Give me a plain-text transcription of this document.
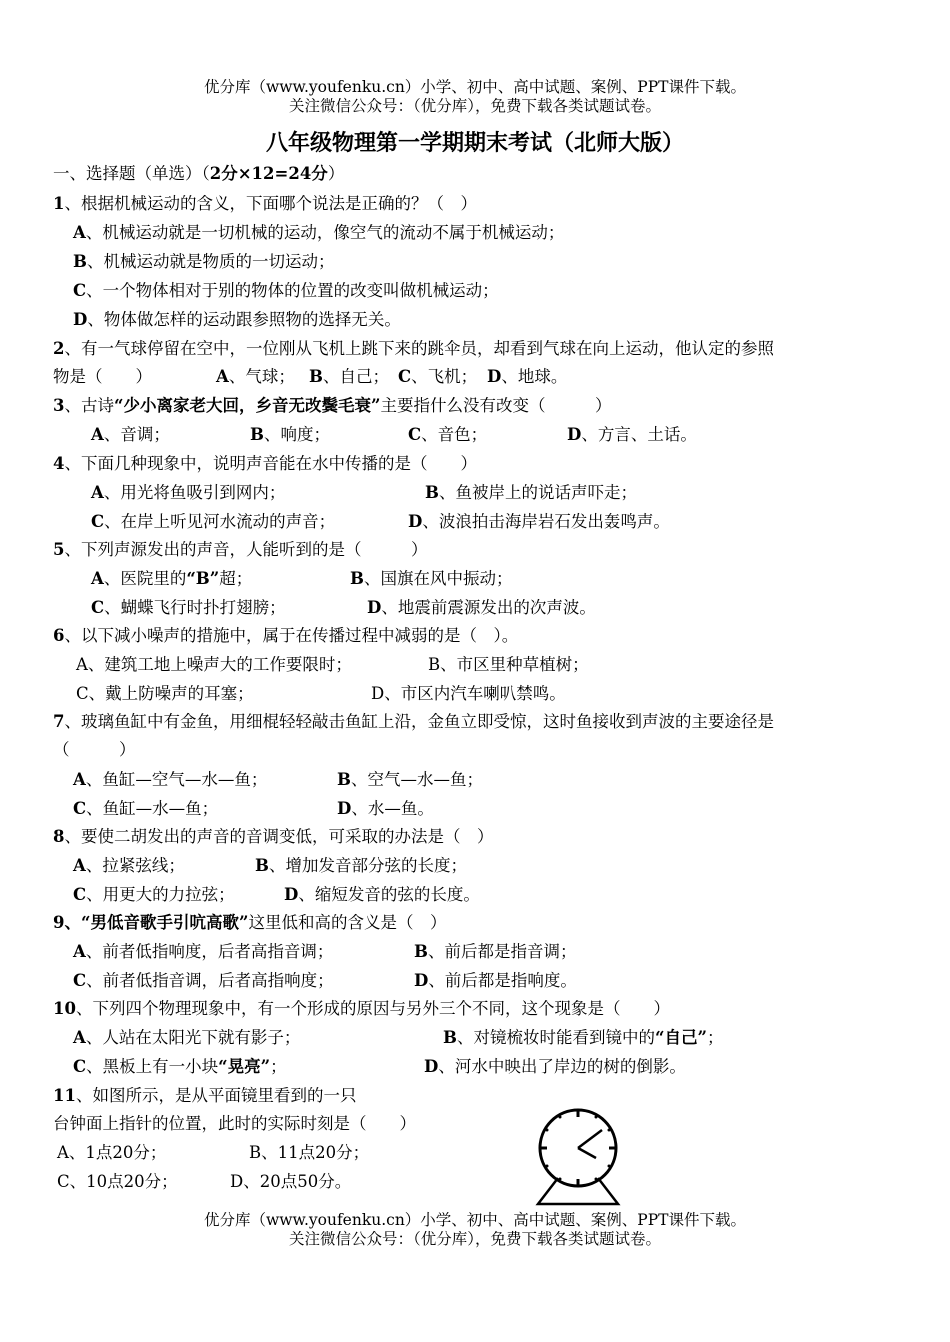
优分库（www.youfenku.cn）小学、初中、高中试题、案例、PPT课件下载。
关注微信公众号：（优分库），免费下载各类试题试卷。
八年级物理第一学期期末考试（北师大版）
一、选择题（单选）（2分×12=24分）
1、根据机械运动的含义，下面哪个说法是正确的？（　）
A、机械运动就是一切机械的运动，像空气的流动不属于机械运动；
B、机械运动就是物质的一切运动；
C、一个物体相对于别的物体的位置的改变叫做机械运动；
D、物体做怎样的运动跟参照物的选择无关。
2、有一气球停留在空中，一位刚从飞机上跳下来的跳伞员，却看到气球在向上运动，他认定的参照
物是（　　）	A、气球； B、自己； C、飞机； D、地球。
3、古诗“少小离家老大回，乡音无改鬓毛衰”主要指什么没有改变（　　　）
A、音调；	B、响度；	C、音色；	D、方言、土话。
4、下面几种现象中，说明声音能在水中传播的是（　　）
A、用光将鱼吸引到网内；	B、鱼被岸上的说话声吓走；
C、在岸上听见河水流动的声音；	D、波浪拍击海岸岩石发出轰鸣声。
5、下列声源发出的声音，人能听到的是（　　　）
A、医院里的“B”超；	B、国旗在风中振动；
C、蝴蝶飞行时扑打翅膀；	D、地震前震源发出的次声波。
6、以下减小噪声的措施中，属于在传播过程中减弱的是（　）。
A、建筑工地上噪声大的工作要限时；	B、市区里种草植树；
C、戴上防噪声的耳塞；	D、市区内汽车喇叭禁鸣。
7、玻璃鱼缸中有金鱼，用细棍轻轻敲击鱼缸上沿，金鱼立即受惊，这时鱼接收到声波的主要途径是
（　　　）
A、鱼缸—空气—水—鱼；	B、空气—水—鱼；
C、鱼缸—水—鱼；	D、水—鱼。
8、要使二胡发出的声音的音调变低，可采取的办法是（　）
A、拉紧弦线；	B、增加发音部分弦的长度；
C、用更大的力拉弦；	D、缩短发音的弦的长度。
9、“男低音歌手引吭高歌”这里低和高的含义是（　）
A、前者低指响度，后者高指音调；	B、前后都是指音调；
C、前者低指音调，后者高指响度；	D、前后都是指响度。
10、下列四个物理现象中，有一个形成的原因与另外三个不同，这个现象是（　　）
A、人站在太阳光下就有影子；	B、对镜梳妆时能看到镜中的“自己”；
C、黑板上有一小块“晃亮”；	D、河水中映出了岸边的树的倒影。
11、如图所示，是从平面镜里看到的一只
台钟面上指针的位置，此时的实际时刻是（　　）
A、1点20分；	B、11点20分；
C、10点20分；	D、20点50分。
优分库（www.youfenku.cn）小学、初中、高中试题、案例、PPT课件下载。
关注微信公众号：（优分库），免费下载各类试题试卷。
